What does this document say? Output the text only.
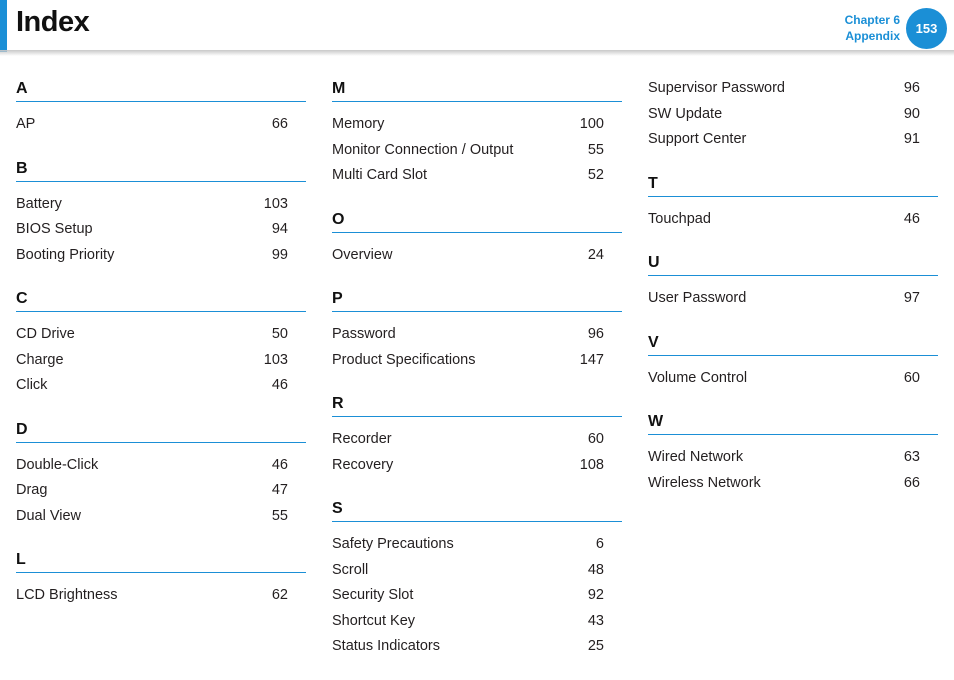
Index	Chapter 6
Appendix	153
A
AP	66
B
Battery	103
BIOS Setup	94
Booting Priority	99
C
CD Drive	50
Charge	103
Click	46
D
Double-Click	46
Drag	47
Dual View	55
L
LCD Brightness	62
M
Memory	100
Monitor Connection / Output	55
Multi Card Slot	52
O
Overview	24
P
Password	96
Product Specifications	147
R
Recorder	60
Recovery	108
S
Safety Precautions	6
Scroll	48
Security Slot	92
Shortcut Key	43
Status Indicators	25
Supervisor Password	96
SW Update	90
Support Center	91
T
Touchpad	46
U
User Password	97
V
Volume Control	60
W
Wired Network	63
Wireless Network	66
